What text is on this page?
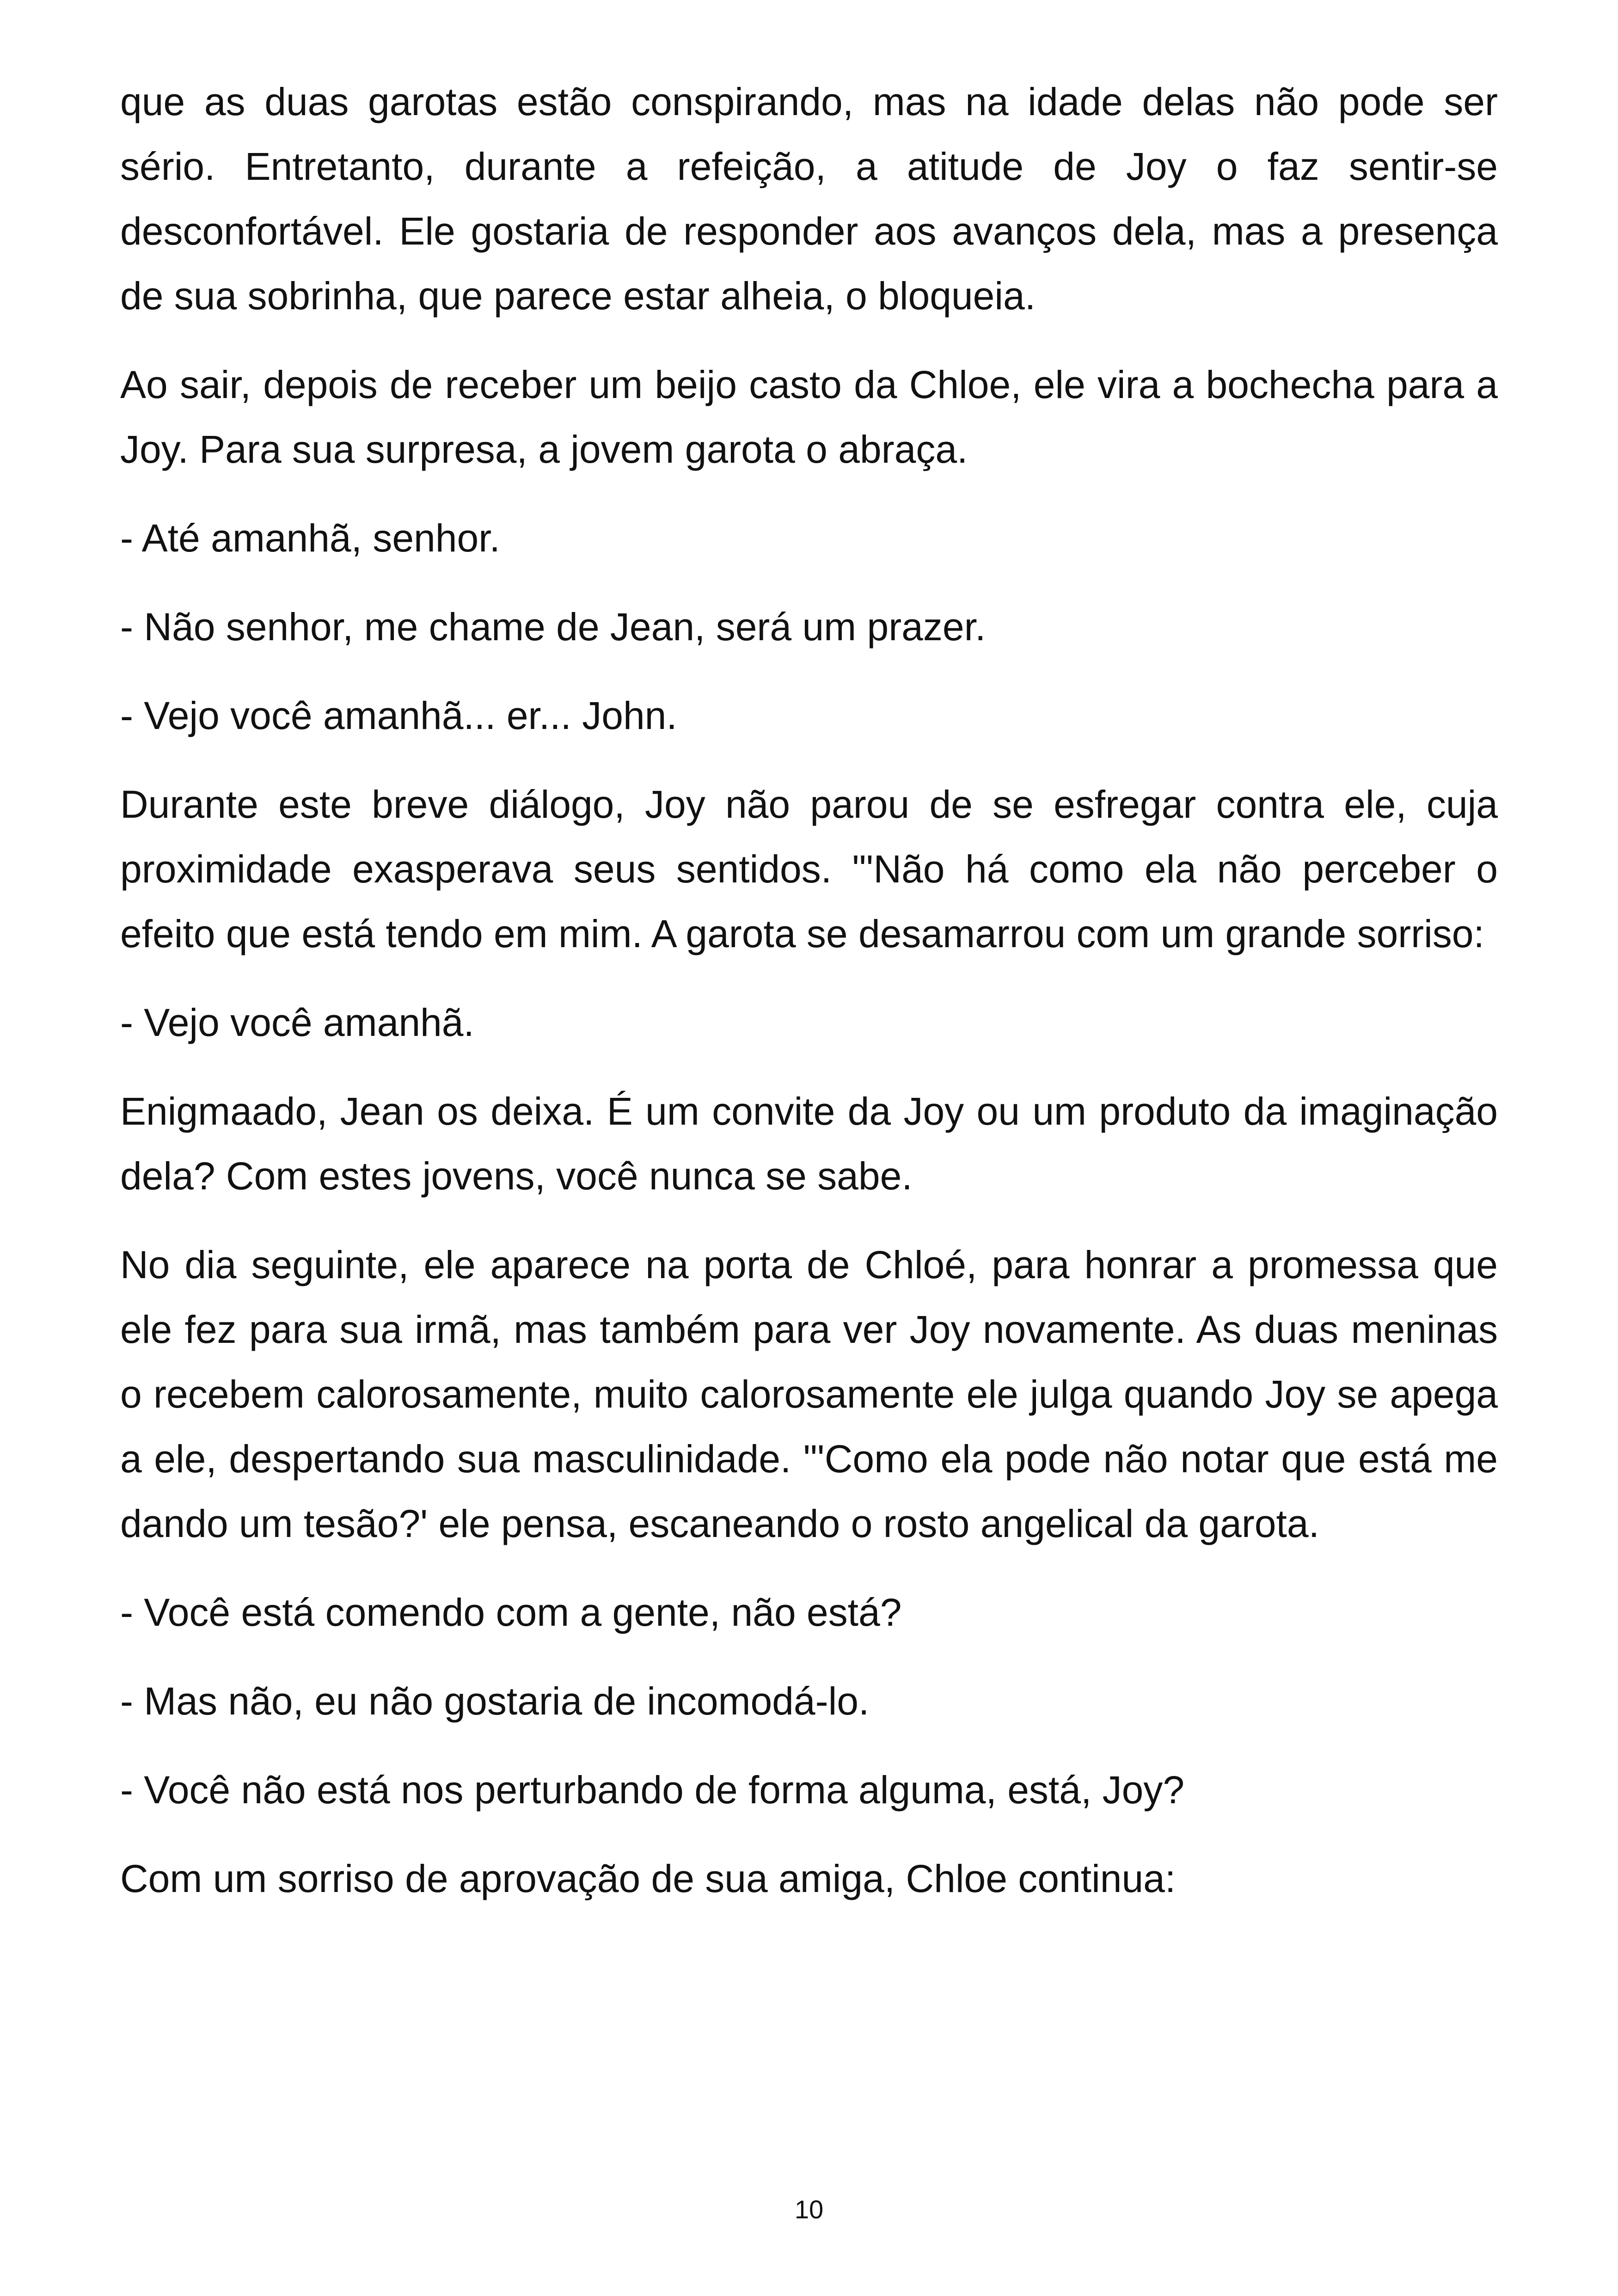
que as duas garotas estão conspirando, mas na idade delas não pode ser sério. Entretanto, durante a refeição, a atitude de Joy o faz sentir-se desconfortável. Ele gostaria de responder aos avanços dela, mas a presença de sua sobrinha, que parece estar alheia, o bloqueia.

Ao sair, depois de receber um beijo casto da Chloe, ele vira a bochecha para a Joy. Para sua surpresa, a jovem garota o abraça.

- Até amanhã, senhor.

- Não senhor, me chame de Jean, será um prazer.

- Vejo você amanhã... er... John.

Durante este breve diálogo, Joy não parou de se esfregar contra ele, cuja proximidade exasperava seus sentidos. "'Não há como ela não perceber o efeito que está tendo em mim. A garota se desamarrou com um grande sorriso:

- Vejo você amanhã.

Enigmaado, Jean os deixa. É um convite da Joy ou um produto da imaginação dela? Com estes jovens, você nunca se sabe.

No dia seguinte, ele aparece na porta de Chloé, para honrar a promessa que ele fez para sua irmã, mas também para ver Joy novamente. As duas meninas o recebem calorosamente, muito calorosamente ele julga quando Joy se apega a ele, despertando sua masculinidade. "'Como ela pode não notar que está me dando um tesão?' ele pensa, escaneando o rosto angelical da garota.

- Você está comendo com a gente, não está?

- Mas não, eu não gostaria de incomodá-lo.

- Você não está nos perturbando de forma alguma, está, Joy?

Com um sorriso de aprovação de sua amiga, Chloe continua:

10
